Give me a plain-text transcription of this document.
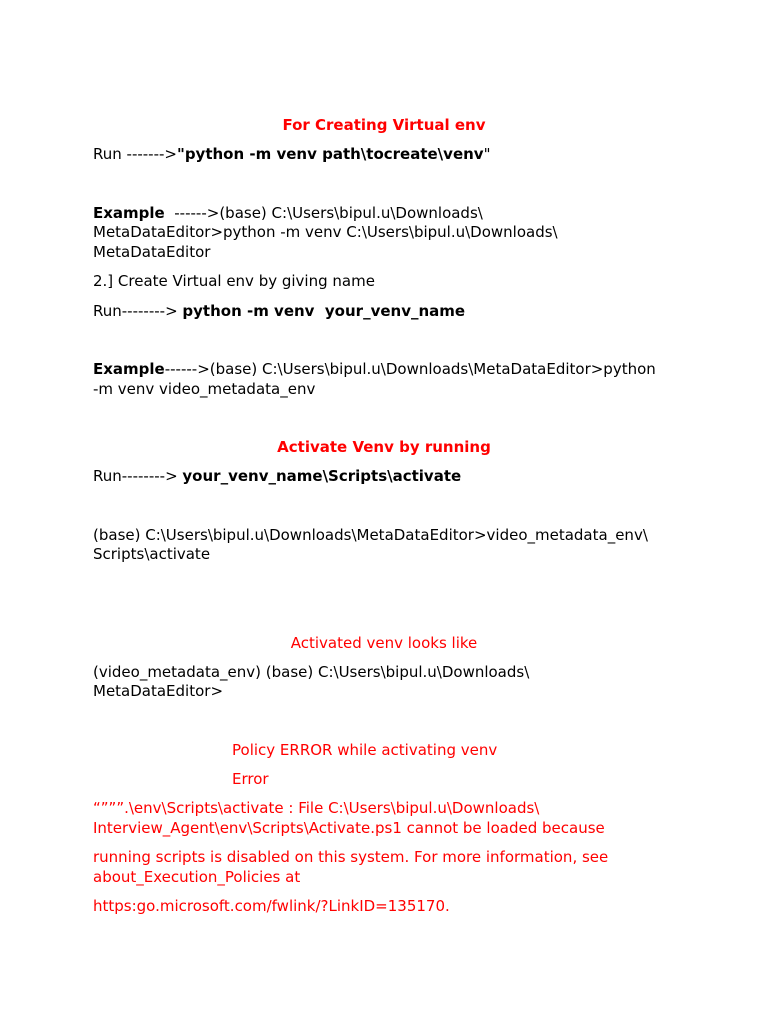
For Creating Virtual env
Run ------->"python -m venv path\tocreate\venv"
Example  ------>(base) C:\Users\bipul.u\Downloads\
MetaDataEditor>python -m venv C:\Users\bipul.u\Downloads\
MetaDataEditor
2.] Create Virtual env by giving name
Run--------> python -m venv  your_venv_name
Example------>(base) C:\Users\bipul.u\Downloads\MetaDataEditor>python
-m venv video_metadata_env
Activate Venv by running
Run--------> your_venv_name\Scripts\activate
(base) C:\Users\bipul.u\Downloads\MetaDataEditor>video_metadata_env\
Scripts\activate
Activated venv looks like
(video_metadata_env) (base) C:\Users\bipul.u\Downloads\
MetaDataEditor>
Policy ERROR while activating venv
Error
“”””.\env\Scripts\activate : File C:\Users\bipul.u\Downloads\
Interview_Agent\env\Scripts\Activate.ps1 cannot be loaded because
running scripts is disabled on this system. For more information, see
about_Execution_Policies at
https:go.microsoft.com/fwlink/?LinkID=135170.
